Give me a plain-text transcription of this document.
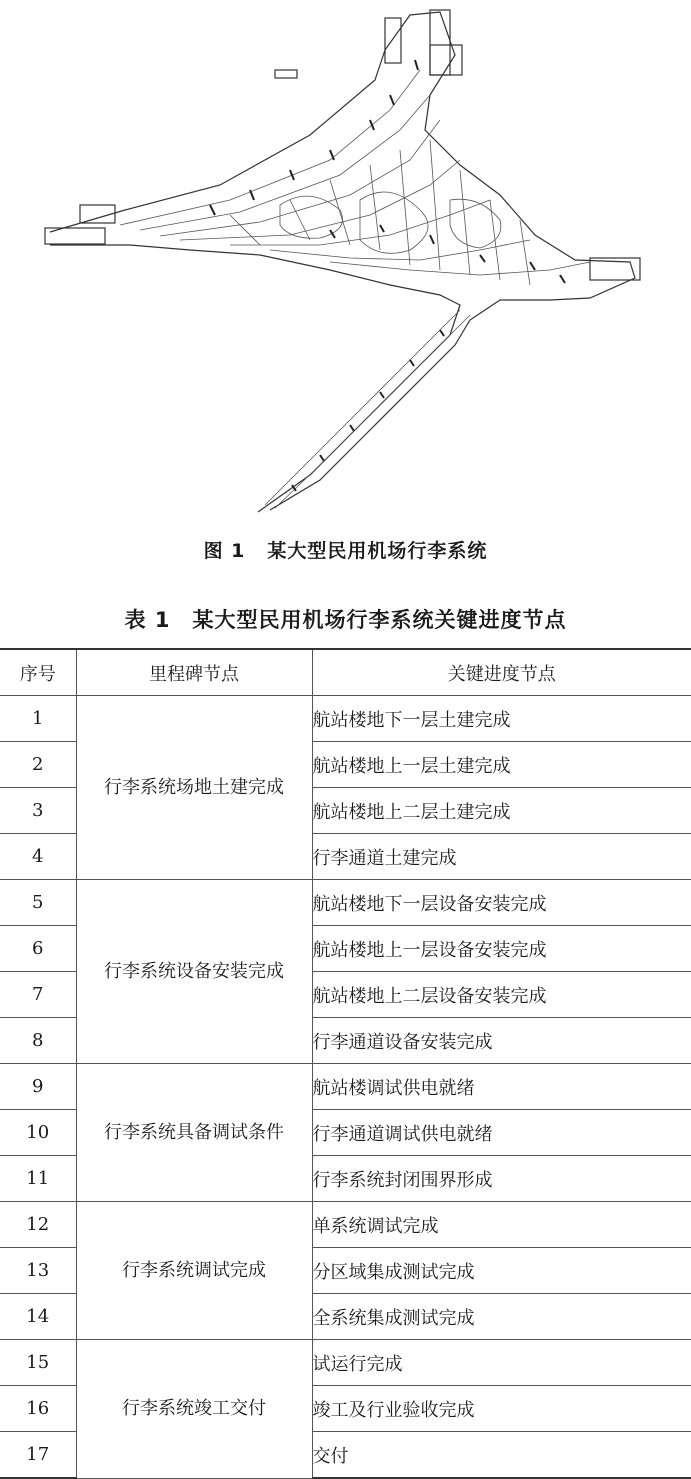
图 1 某大型民用机场行李系统
表 1 某大型民用机场行李系统关键进度节点
序号	里程碑节点	关键进度节点
1	行李系统场地土建完成	航站楼地下一层土建完成
2		航站楼地上一层土建完成
3		航站楼地上二层土建完成
4		行李通道土建完成
5	行李系统设备安装完成	航站楼地下一层设备安装完成
6		航站楼地上一层设备安装完成
7		航站楼地上二层设备安装完成
8		行李通道设备安装完成
9	行李系统具备调试条件	航站楼调试供电就绪
10		行李通道调试供电就绪
11		行李系统封闭围界形成
12	行李系统调试完成	单系统调试完成
13		分区域集成测试完成
14		全系统集成测试完成
15	行李系统竣工交付	试运行完成
16		竣工及行业验收完成
17		交付
